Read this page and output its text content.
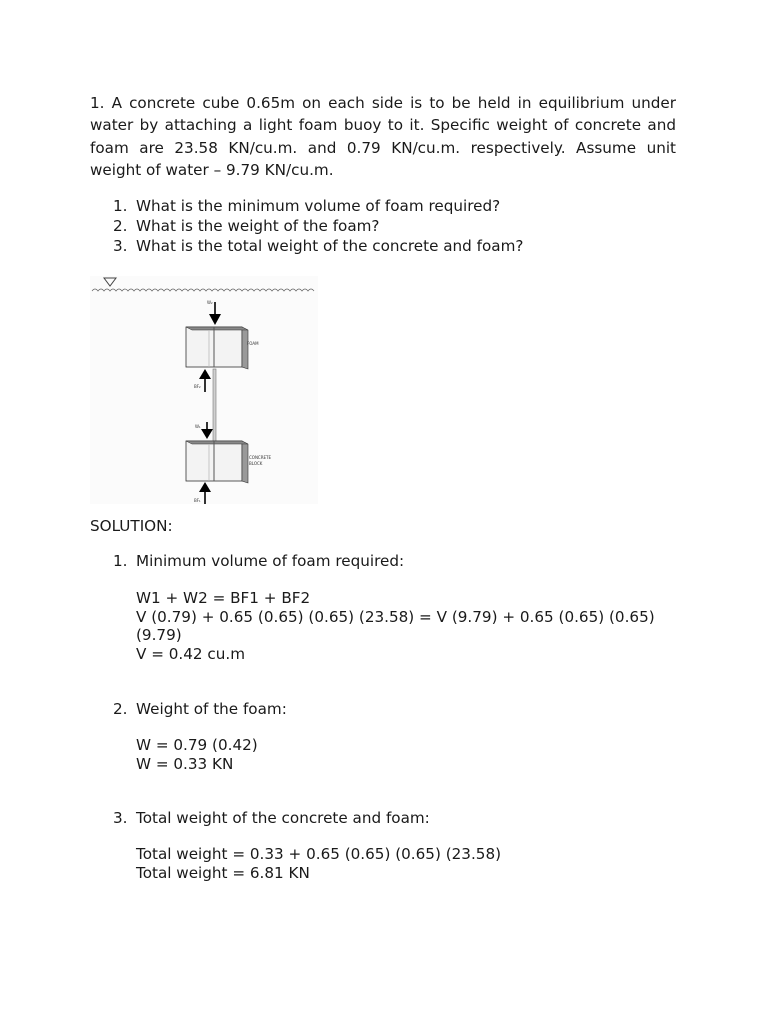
1. A concrete cube 0.65m on each side is to be held in equilibrium under water by attaching a light foam buoy to it. Specific weight of concrete and foam are 23.58 KN/cu.m. and 0.79 KN/cu.m. respectively. Assume unit weight of water – 9.79 KN/cu.m.

1. What is the minimum volume of foam required?
2. What is the weight of the foam?
3. What is the total weight of the concrete and foam?
W₂
BF₂
W₁
BF₁
FOAM
CONCRETE
BLOCK

SOLUTION:

1. Minimum volume of foam required:
W1 + W2 = BF1 + BF2
V (0.79) + 0.65 (0.65) (0.65) (23.58) = V (9.79) + 0.65 (0.65) (0.65)
(9.79)
V = 0.42 cu.m
2. Weight of the foam:
W = 0.79 (0.42)
W = 0.33 KN
3. Total weight of the concrete and foam:
Total weight = 0.33 + 0.65 (0.65) (0.65) (23.58)
Total weight = 6.81 KN
